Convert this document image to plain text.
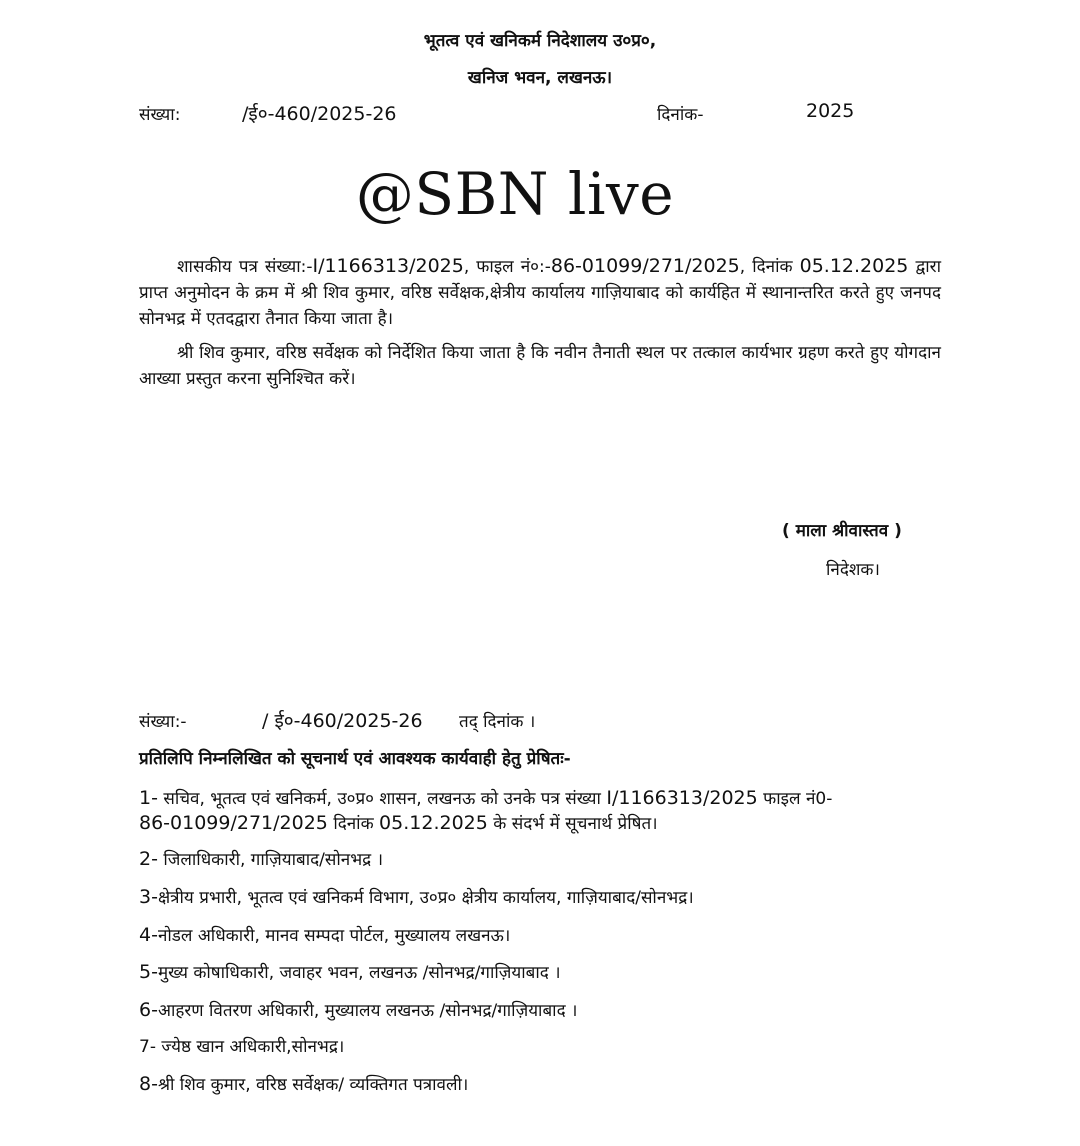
भूतत्व एवं खनिकर्म निदेशालय उ०प्र०,
खनिज भवन, लखनऊ।
संख्या:	/ई०-460/2025-26	दिनांक-	2025
@SBN live
शासकीय पत्र संख्या:-I/1166313/2025, फाइल नं०:-86-01099/271/2025, दिनांक 05.12.2025 द्वारा प्राप्त अनुमोदन के क्रम में श्री शिव कुमार, वरिष्ठ सर्वेक्षक,क्षेत्रीय कार्यालय गाज़ियाबाद को कार्यहित में स्थानान्तरित करते हुए जनपद सोनभद्र में एतदद्वारा तैनात किया जाता है।
श्री शिव कुमार, वरिष्ठ सर्वेक्षक को निर्देशित किया जाता है कि नवीन तैनाती स्थल पर तत्काल कार्यभार ग्रहण करते हुए योगदान आख्या प्रस्तुत करना सुनिश्चित करें।
( माला श्रीवास्तव )
निदेशक।
संख्या:-	/ ई०-460/2025-26 तद् दिनांक ।
प्रतिलिपि निम्नलिखित को सूचनार्थ एवं आवश्यक कार्यवाही हेतु प्रेषितः-
1- सचिव, भूतत्व एवं खनिकर्म, उ०प्र० शासन, लखनऊ को उनके पत्र संख्या I/1166313/2025 फाइल नं0-
86-01099/271/2025 दिनांक 05.12.2025 के संदर्भ में सूचनार्थ प्रेषित।
2- जिलाधिकारी, गाज़ियाबाद/सोनभद्र ।
3-क्षेत्रीय प्रभारी, भूतत्व एवं खनिकर्म विभाग, उ०प्र० क्षेत्रीय कार्यालय, गाज़ियाबाद/सोनभद्र।
4-नोडल अधिकारी, मानव सम्पदा पोर्टल, मुख्यालय लखनऊ।
5-मुख्य कोषाधिकारी, जवाहर भवन, लखनऊ /सोनभद्र/गाज़ियाबाद ।
6-आहरण वितरण अधिकारी, मुख्यालय लखनऊ /सोनभद्र/गाज़ियाबाद ।
7- ज्येष्ठ खान अधिकारी,सोनभद्र।
8-श्री शिव कुमार, वरिष्ठ सर्वेक्षक/ व्यक्तिगत पत्रावली।
